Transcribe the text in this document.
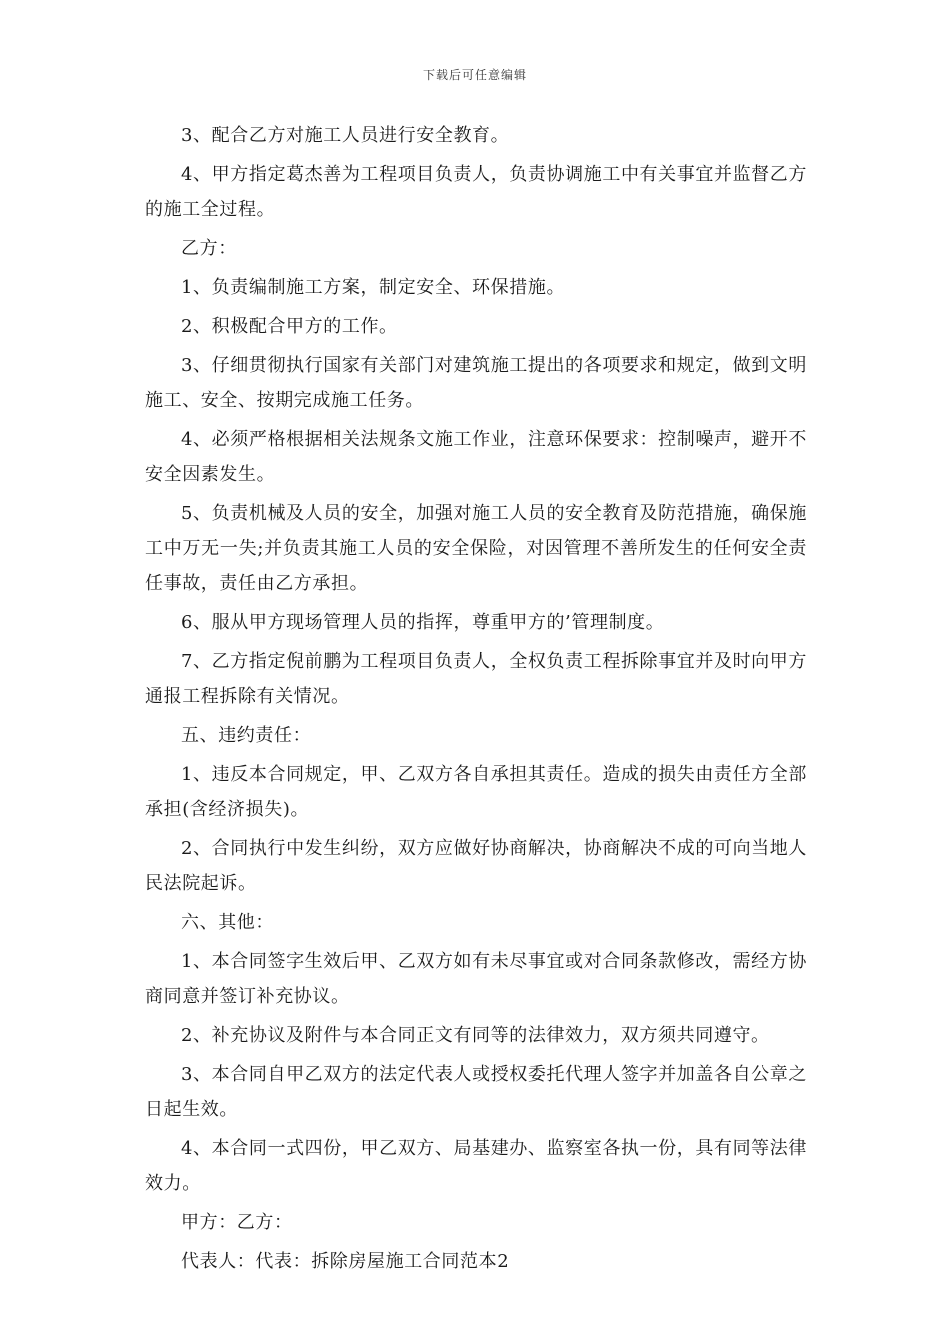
下载后可任意编辑

3、配合乙方对施工人员进行安全教育。

4、甲方指定葛杰善为工程项目负责人，负责协调施工中有关事宜并监督乙方的施工全过程。

乙方：

1、负责编制施工方案，制定安全、环保措施。

2、积极配合甲方的工作。

3、仔细贯彻执行国家有关部门对建筑施工提出的各项要求和规定，做到文明施工、安全、按期完成施工任务。

4、必须严格根据相关法规条文施工作业，注意环保要求：控制噪声，避开不安全因素发生。

5、负责机械及人员的安全，加强对施工人员的安全教育及防范措施，确保施工中万无一失;并负责其施工人员的安全保险，对因管理不善所发生的任何安全责任事故，责任由乙方承担。

6、服从甲方现场管理人员的指挥，尊重甲方的’管理制度。

7、乙方指定倪前鹏为工程项目负责人，全权负责工程拆除事宜并及时向甲方通报工程拆除有关情况。

五、违约责任：

1、违反本合同规定，甲、乙双方各自承担其责任。造成的损失由责任方全部承担(含经济损失)。

2、合同执行中发生纠纷，双方应做好协商解决，协商解决不成的可向当地人民法院起诉。

六、其他：

1、本合同签字生效后甲、乙双方如有未尽事宜或对合同条款修改，需经方协商同意并签订补充协议。

2、补充协议及附件与本合同正文有同等的法律效力，双方须共同遵守。

3、本合同自甲乙双方的法定代表人或授权委托代理人签字并加盖各自公章之日起生效。

4、本合同一式四份，甲乙双方、局基建办、监察室各执一份，具有同等法律效力。

甲方：乙方：

代表人：代表：拆除房屋施工合同范本2
